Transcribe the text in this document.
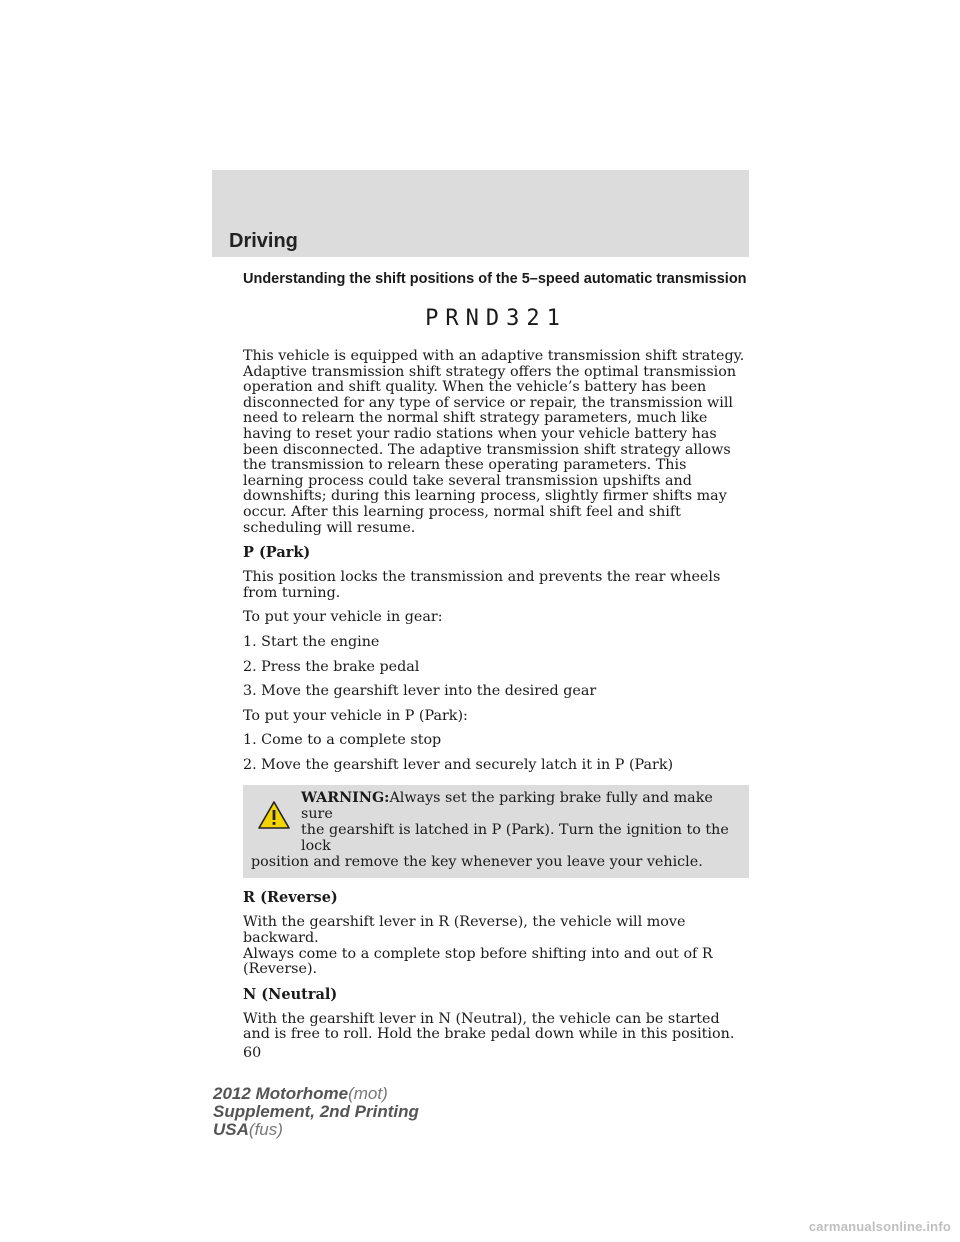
Driving

Understanding the shift positions of the 5–speed automatic transmission

PRND321

This vehicle is equipped with an adaptive transmission shift strategy. Adaptive transmission shift strategy offers the optimal transmission operation and shift quality. When the vehicle’s battery has been disconnected for any type of service or repair, the transmission will need to relearn the normal shift strategy parameters, much like having to reset your radio stations when your vehicle battery has been disconnected. The adaptive transmission shift strategy allows the transmission to relearn these operating parameters. This learning process could take several transmission upshifts and downshifts; during this learning process, slightly firmer shifts may occur. After this learning process, normal shift feel and shift scheduling will resume.

P (Park)

This position locks the transmission and prevents the rear wheels from turning.

To put your vehicle in gear:

1. Start the engine

2. Press the brake pedal

3. Move the gearshift lever into the desired gear

To put your vehicle in P (Park):

1. Come to a complete stop

2. Move the gearshift lever and securely latch it in P (Park)

WARNING:Always set the parking brake fully and make sure
the gearshift is latched in P (Park). Turn the ignition to the lock
position and remove the key whenever you leave your vehicle.

R (Reverse)

With the gearshift lever in R (Reverse), the vehicle will move backward.

Always come to a complete stop before shifting into and out of R (Reverse).

N (Neutral)

With the gearshift lever in N (Neutral), the vehicle can be started and is free to roll. Hold the brake pedal down while in this position.

60
2012 Motorhome(mot)
Supplement, 2nd Printing
USA(fus)
carmanualsonline.info
